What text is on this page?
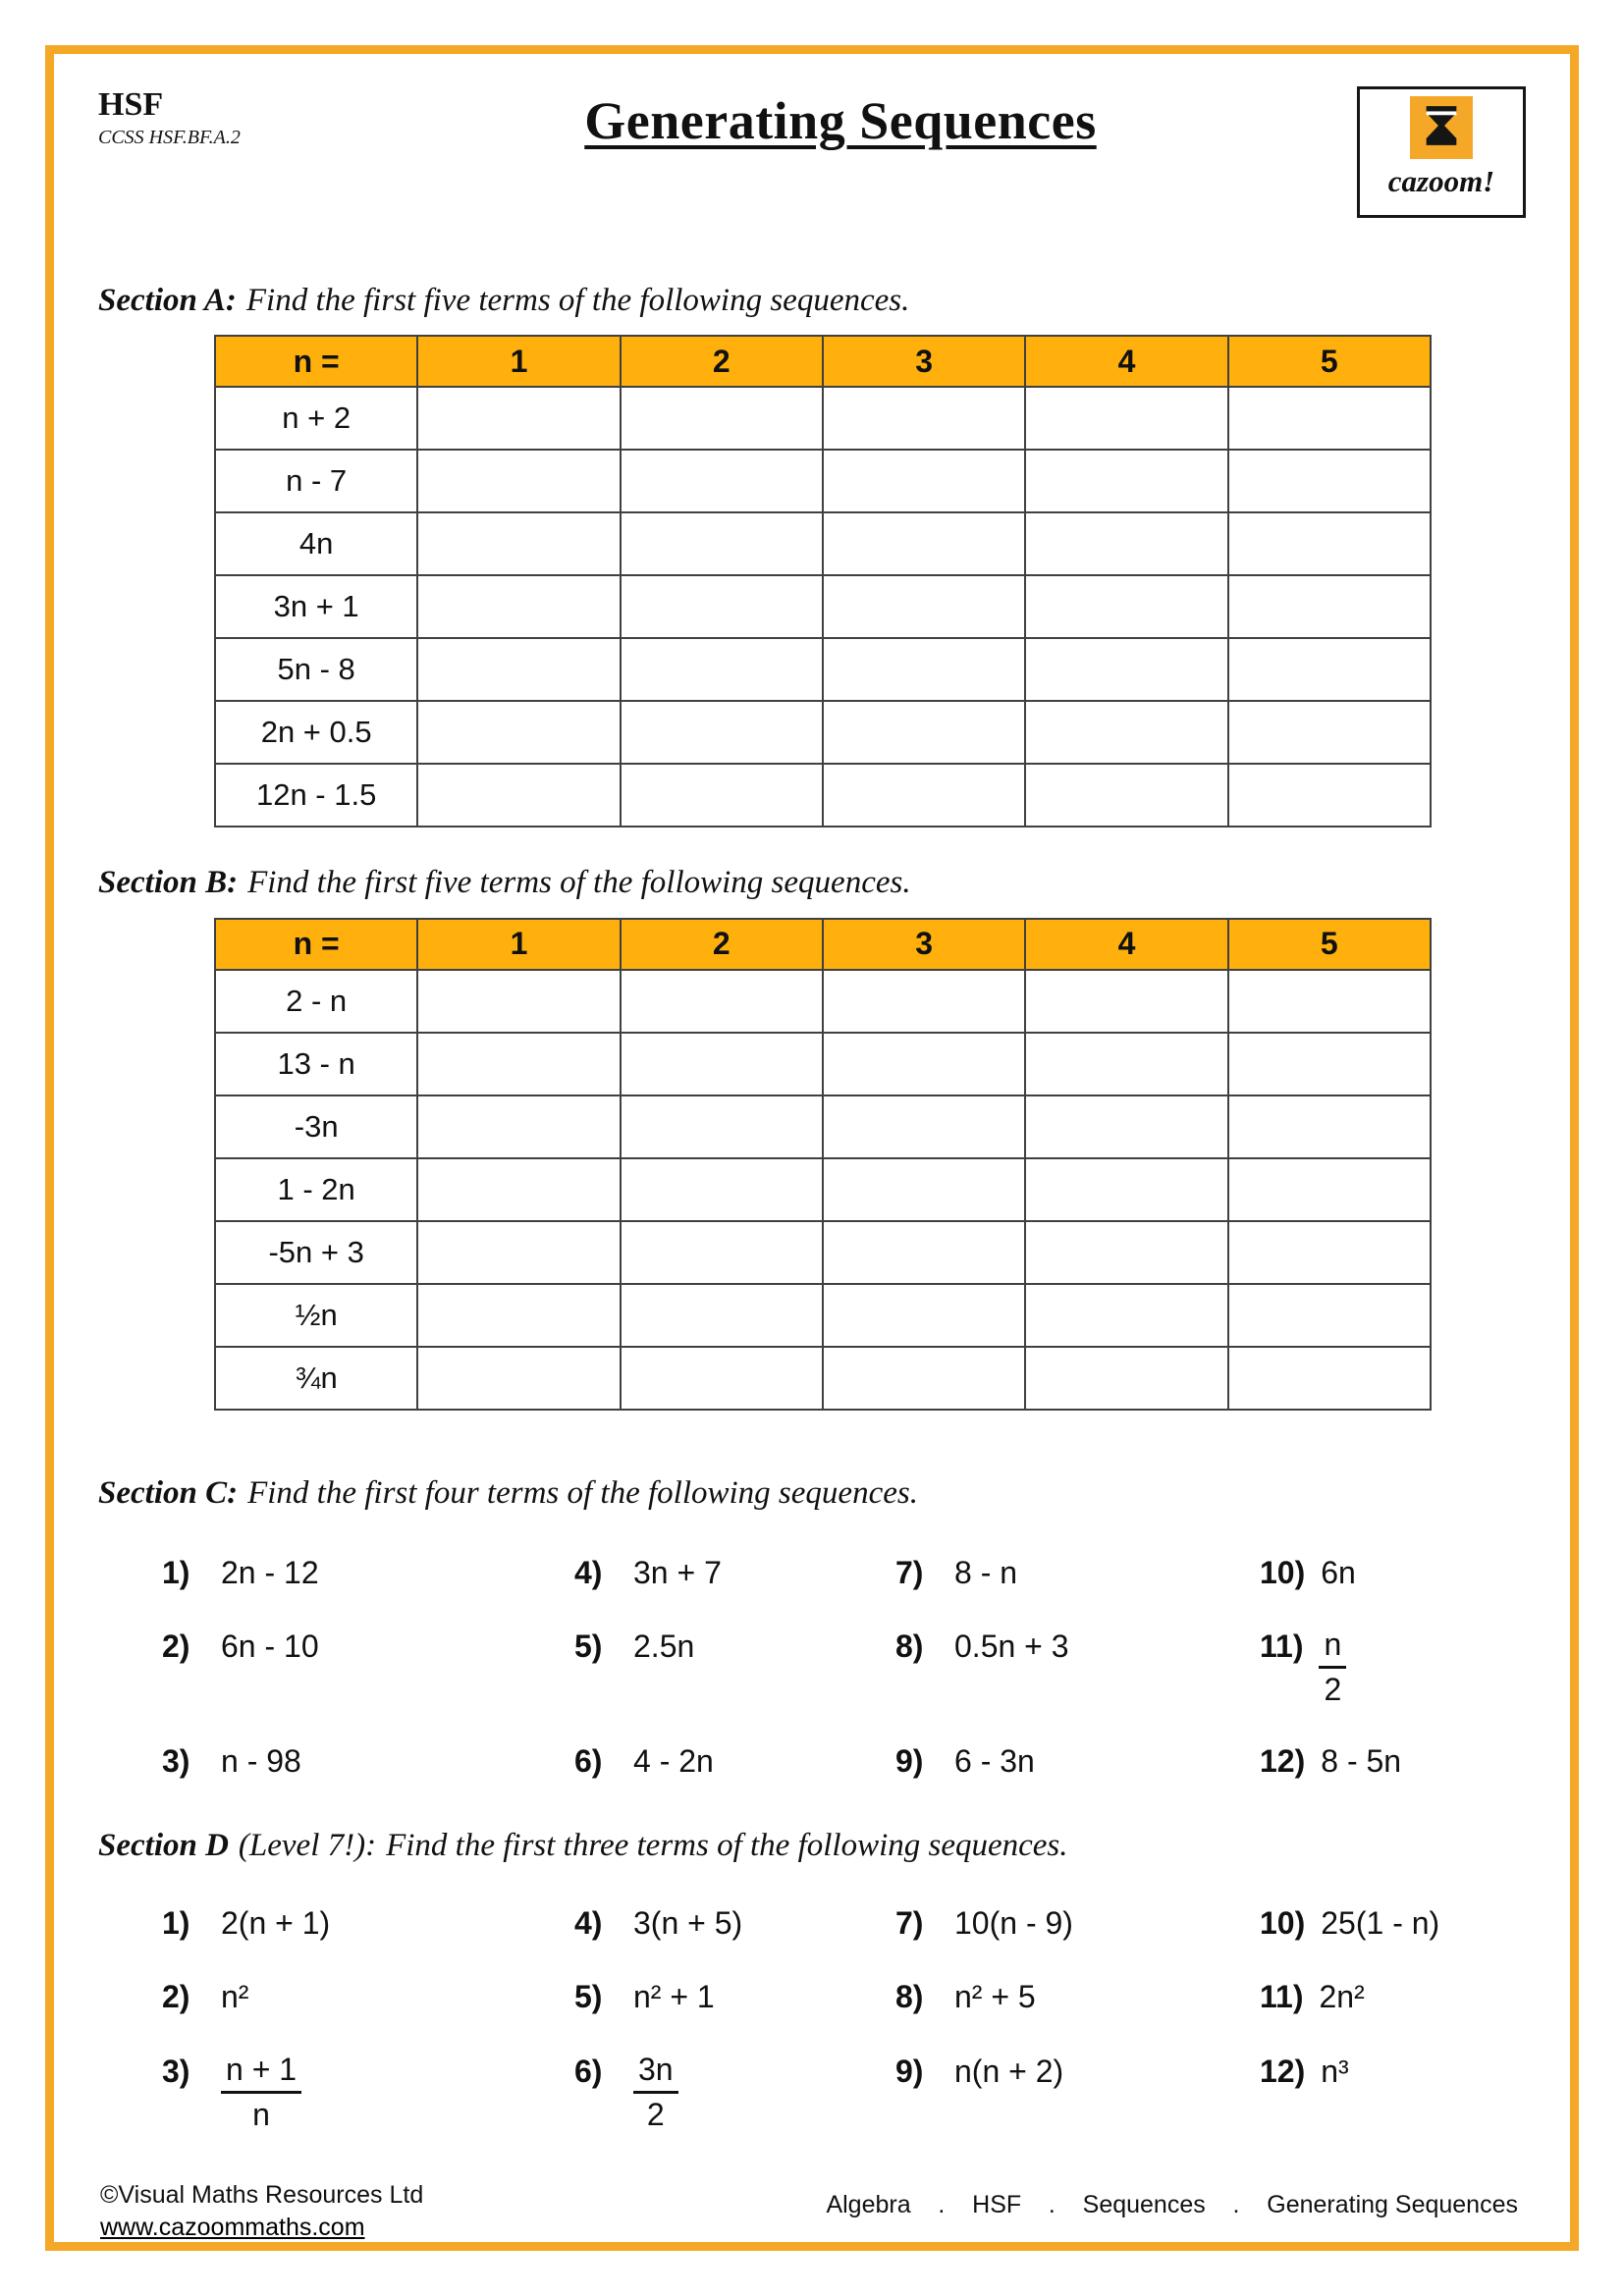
HSF
CCSS HSF.BF.A.2	Generating Sequences
cazoom!
Section A: Find the first five terms of the following sequences.
n =	1	2	3	4	5
n + 2					
n - 7					
4n					
3n + 1					
5n - 8					
2n + 0.5					
12n - 1.5					
Section B: Find the first five terms of the following sequences.
n =	1	2	3	4	5
2 - n					
13 - n					
-3n					
1 - 2n					
-5n + 3					
½n					
¾n					
Section C: Find the first four terms of the following sequences.
1) 2n - 12	4) 3n + 7	7) 8 - n	10) 6n
2) 6n - 10	5) 2.5n	8) 0.5n + 3	$11) \frac{n}{2}$
3) n - 98	6) 4 - 2n	9) 6 - 3n	12) 8 - 5n
Section D (Level 7!): Find the first three terms of the following sequences.
1) 2(n + 1)	4) 3(n + 5)	7) 10(n - 9)	10) 25(1 - n)
2) n²	5) n² + 1	8) n² + 5	11) 2n²
$3) \frac{n + 1}{n}$	$6) \frac{3n}{2}$	9) n(n + 2)	12) n³
©Visual Maths Resources Ltd
www.cazoommaths.com
Algebra    .    HSF    .    Sequences    .    Generating Sequences
